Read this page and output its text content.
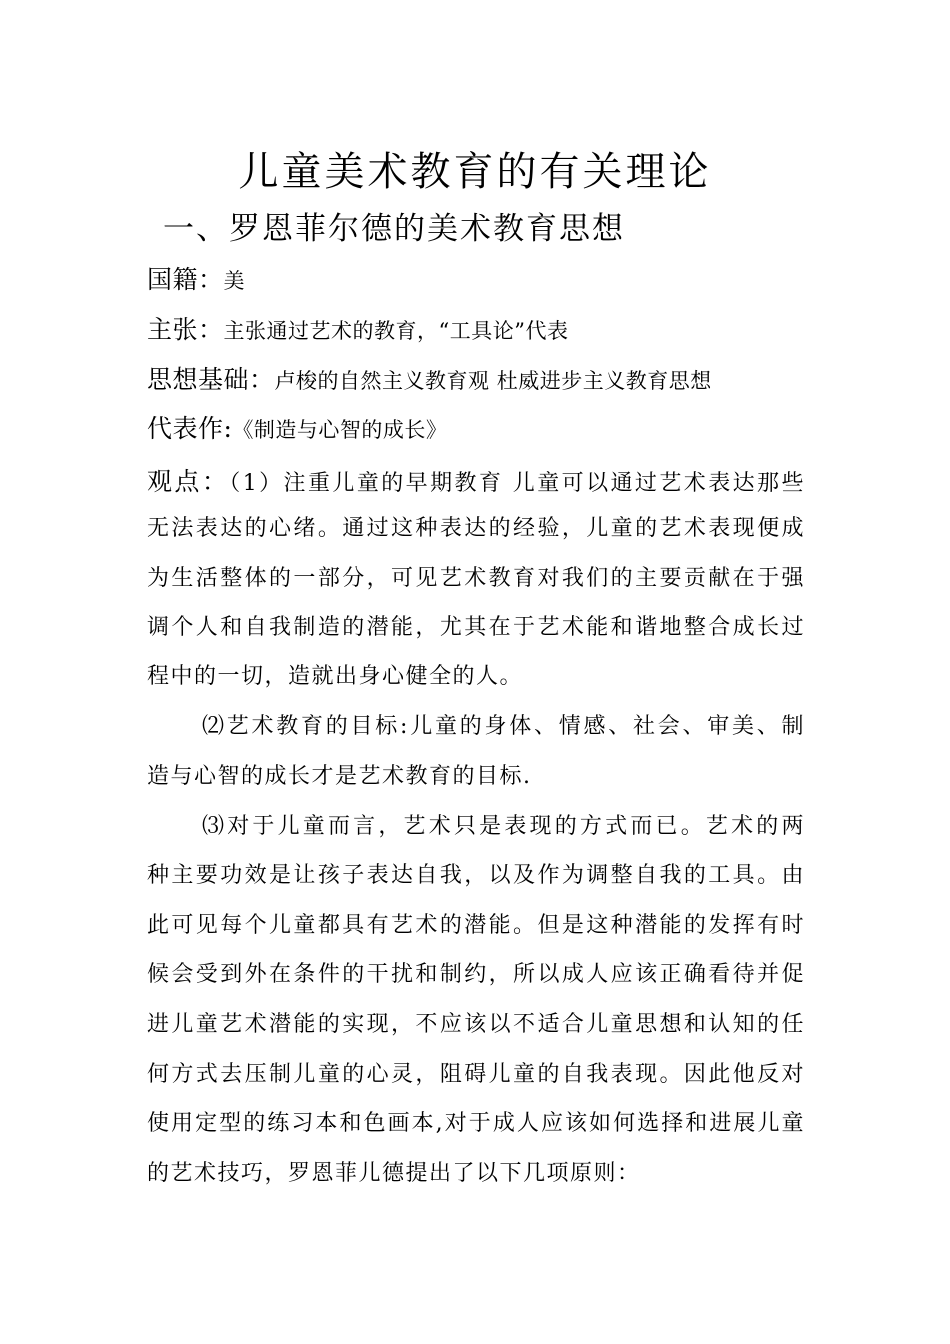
儿童美术教育的有关理论
一、罗恩菲尔德的美术教育思想
国籍：美
主张：主张通过艺术的教育，“工具论”代表
思想基础：卢梭的自然主义教育观 杜威进步主义教育思想
代表作:《制造与心智的成长》
观点：（1）注重儿童的早期教育 儿童可以通过艺术表达那些
无法表达的心绪。通过这种表达的经验，儿童的艺术表现便成
为生活整体的一部分，可见艺术教育对我们的主要贡献在于强
调个人和自我制造的潜能，尤其在于艺术能和谐地整合成长过
程中的一切，造就出身心健全的人。
⑵艺术教育的目标:儿童的身体、情感、社会、审美、制
造与心智的成长才是艺术教育的目标.
⑶对于儿童而言，艺术只是表现的方式而已。艺术的两
种主要功效是让孩子表达自我，以及作为调整自我的工具。由
此可见每个儿童都具有艺术的潜能。但是这种潜能的发挥有时
候会受到外在条件的干扰和制约，所以成人应该正确看待并促
进儿童艺术潜能的实现，不应该以不适合儿童思想和认知的任
何方式去压制儿童的心灵，阻碍儿童的自我表现。因此他反对
使用定型的练习本和色画本,对于成人应该如何选择和进展儿童
的艺术技巧，罗恩菲儿德提出了以下几项原则：
